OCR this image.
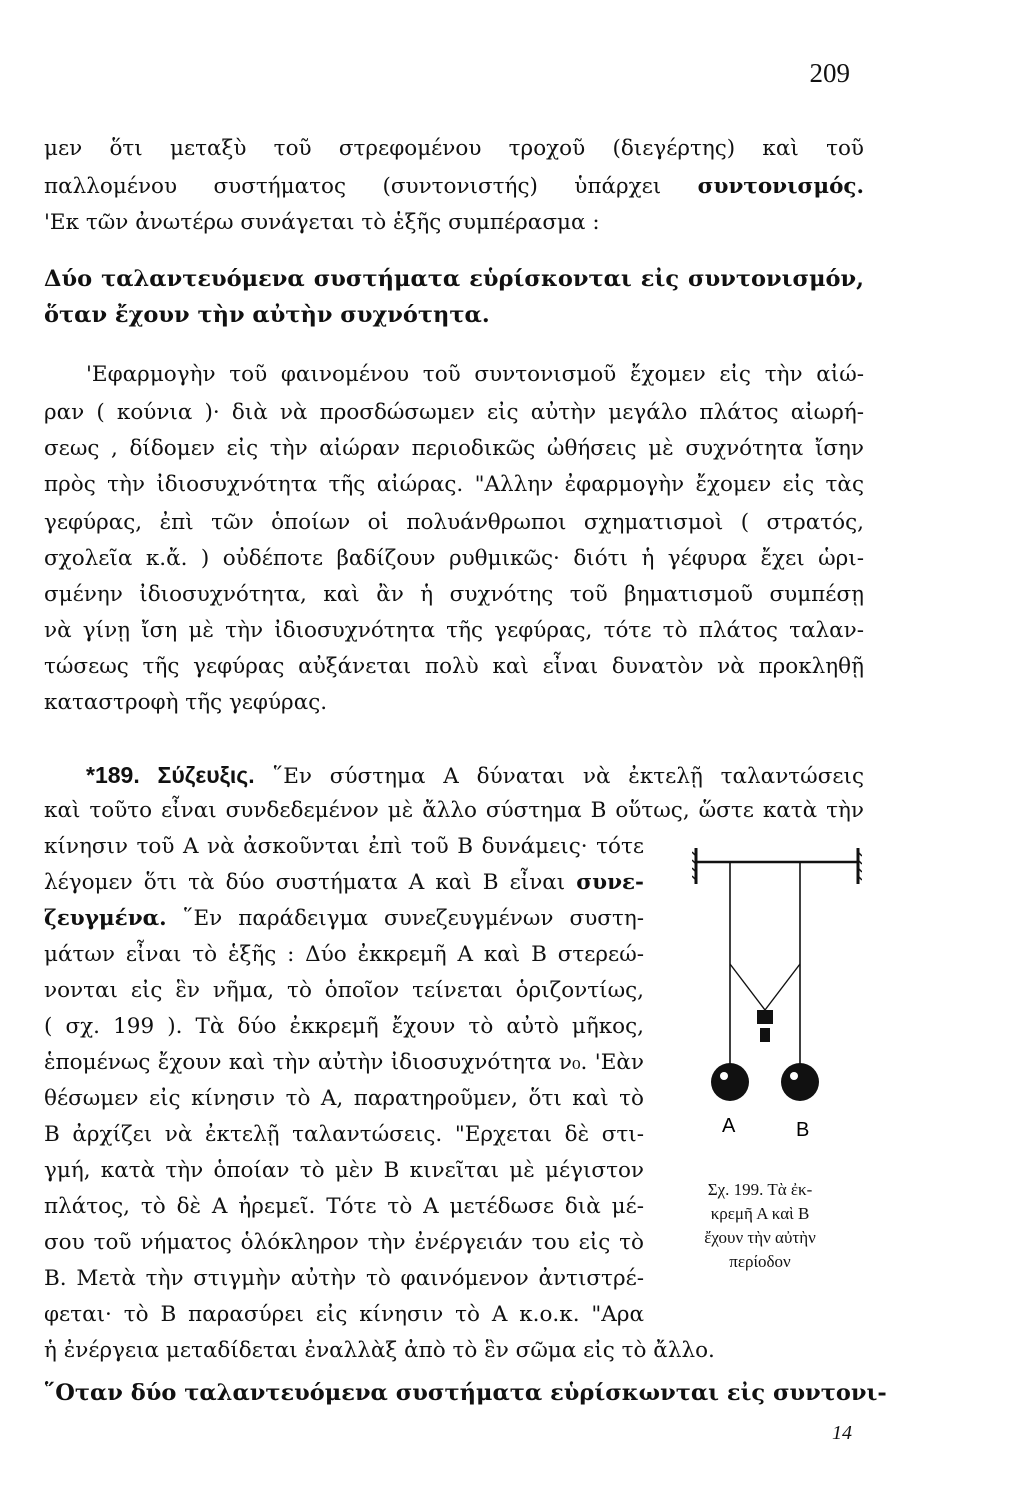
209
μεν ὅτι μεταξὺ τοῦ στρεφομένου τροχοῦ (διεγέρτης) καὶ τοῦ
παλλομένου συστήματος (συντονιστής) ὑπάρχει συντονισμός.
'Εκ τῶν ἀνωτέρω συνάγεται τὸ ἑξῆς συμπέρασμα :
Δύο ταλαντευόμενα συστήματα εὑρίσκονται εἰς συντονισμόν,
ὅταν ἔχουν τὴν αὐτὴν συχνότητα.
'Εφαρμογὴν τοῦ φαινομένου τοῦ συντονισμοῦ ἔχομεν εἰς τὴν αἰώ-
ραν ( κούνια )· διὰ νὰ προσδώσωμεν εἰς αὐτὴν μεγάλο πλάτος αἰωρή-
σεως , δίδομεν εἰς τὴν αἰώραν περιοδικῶς ὠθήσεις μὲ συχνότητα ἴσην
πρὸς τὴν ἰδιοσυχνότητα τῆς αἰώρας. "Αλλην ἐφαρμογὴν ἔχομεν εἰς τὰς
γεφύρας, ἐπὶ τῶν ὁποίων οἱ πολυάνθρωποι σχηματισμοὶ ( στρατός,
σχολεῖα κ.ἄ. ) οὐδέποτε βαδίζουν ρυθμικῶς· διότι ἡ γέφυρα ἔχει ὡρι-
σμένην ἰδιοσυχνότητα, καὶ ἂν ἡ συχνότης τοῦ βηματισμοῦ συμπέσῃ
νὰ γίνῃ ἴση μὲ τὴν ἰδιοσυχνότητα τῆς γεφύρας, τότε τὸ πλάτος ταλαν-
τώσεως τῆς γεφύρας αὐξάνεται πολὺ καὶ εἶναι δυνατὸν νὰ προκληθῇ
καταστροφὴ τῆς γεφύρας.
*189. Σύζευξις. ῞Εν σύστημα Α δύναται νὰ ἐκτελῇ ταλαντώσεις
καὶ τοῦτο εἶναι συνδεδεμένον μὲ ἄλλο σύστημα Β οὕτως, ὥστε κατὰ τὴν
κίνησιν τοῦ Α νὰ ἀσκοῦνται ἐπὶ τοῦ Β δυνάμεις· τότε
λέγομεν ὅτι τὰ δύο συστήματα Α καὶ Β εἶναι συνε-
ζευγμένα. ῞Εν παράδειγμα συνεζευγμένων συστη-
μάτων εἶναι τὸ ἑξῆς : Δύο ἐκκρεμῆ Α καὶ Β στερεώ-
νονται εἰς ἓν νῆμα, τὸ ὁποῖον τείνεται ὁριζοντίως,
( σχ. 199 ). Τὰ δύο ἐκκρεμῆ ἔχουν τὸ αὐτὸ μῆκος,
ἑπομένως ἔχουν καὶ τὴν αὐτὴν ἰδιοσυχνότητα ν₀. 'Εὰν
θέσωμεν εἰς κίνησιν τὸ Α, παρατηροῦμεν, ὅτι καὶ τὸ
Β ἀρχίζει νὰ ἐκτελῇ ταλαντώσεις. "Ερχεται δὲ στι-
γμή, κατὰ τὴν ὁποίαν τὸ μὲν Β κινεῖται μὲ μέγιστον
πλάτος, τὸ δὲ Α ἠρεμεῖ. Τότε τὸ Α μετέδωσε διὰ μέ-
σου τοῦ νήματος ὁλόκληρον τὴν ἐνέργειάν του εἰς τὸ
Β. Μετὰ τὴν στιγμὴν αὐτὴν τὸ φαινόμενον ἀντιστρέ-
φεται· τὸ Β παρασύρει εἰς κίνησιν τὸ Α κ.ο.κ. "Αρα
ἡ ἐνέργεια μεταδίδεται ἐναλλὰξ ἀπὸ τὸ ἓν σῶμα εἰς τὸ ἄλλο.
῞Οταν δύο ταλαντευόμενα συστήματα εὑρίσκωνται εἰς συντονι-
A	B
Σχ. 199. Τὰ ἐκ-
κρεμῆ Α καὶ Β
ἔχουν τὴν αὐτὴν
περίοδον
14
